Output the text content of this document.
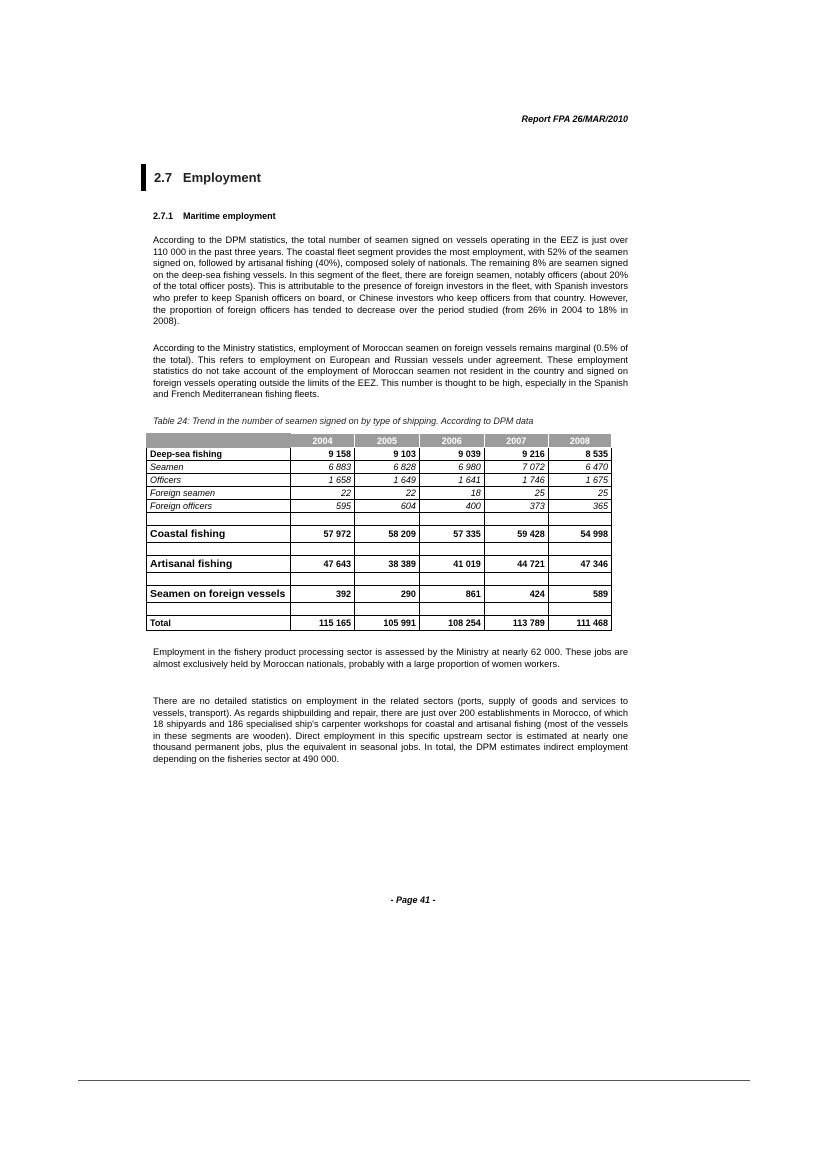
Report FPA 26/MAR/2010
2.7 Employment
2.7.1 Maritime employment

According to the DPM statistics, the total number of seamen signed on vessels operating in the EEZ is just over 110 000 in the past three years. The coastal fleet segment provides the most employment, with 52% of the seamen signed on, followed by artisanal fishing (40%), composed solely of nationals. The remaining 8% are seamen signed on the deep-sea fishing vessels. In this segment of the fleet, there are foreign seamen, notably officers (about 20% of the total officer posts). This is attributable to the presence of foreign investors in the fleet, with Spanish investors who prefer to keep Spanish officers on board, or Chinese investors who keep officers from that country. However, the proportion of foreign officers has tended to decrease over the period studied (from 26% in 2004 to 18% in 2008).

According to the Ministry statistics, employment of Moroccan seamen on foreign vessels remains marginal (0.5% of the total). This refers to employment on European and Russian vessels under agreement. These employment statistics do not take account of the employment of Moroccan seamen not resident in the country and signed on foreign vessels operating outside the limits of the EEZ. This number is thought to be high, especially in the Spanish and French Mediterranean fishing fleets.

Table 24: Trend in the number of seamen signed on by type of shipping. According to DPM data
	2004	2005	2006	2007	2008
Deep-sea fishing	9 158	9 103	9 039	9 216	8 535
Seamen	6 883	6 828	6 980	7 072	6 470
Officers	1 658	1 649	1 641	1 746	1 675
Foreign seamen	22	22	18	25	25
Foreign officers	595	604	400	373	365

Coastal fishing	57 972	58 209	57 335	59 428	54 998

Artisanal fishing	47 643	38 389	41 019	44 721	47 346

Seamen on foreign vessels	392	290	861	424	589

Total	115 165	105 991	108 254	113 789	111 468

Employment in the fishery product processing sector is assessed by the Ministry at nearly 62 000. These jobs are almost exclusively held by Moroccan nationals, probably with a large proportion of women workers.

There are no detailed statistics on employment in the related sectors (ports, supply of goods and services to vessels, transport). As regards shipbuilding and repair, there are just over 200 establishments in Morocco, of which 18 shipyards and 186 specialised ship's carpenter workshops for coastal and artisanal fishing (most of the vessels in these segments are wooden). Direct employment in this specific upstream sector is estimated at nearly one thousand permanent jobs, plus the equivalent in seasonal jobs. In total, the DPM estimates indirect employment depending on the fisheries sector at 490 000.

- Page 41 -
